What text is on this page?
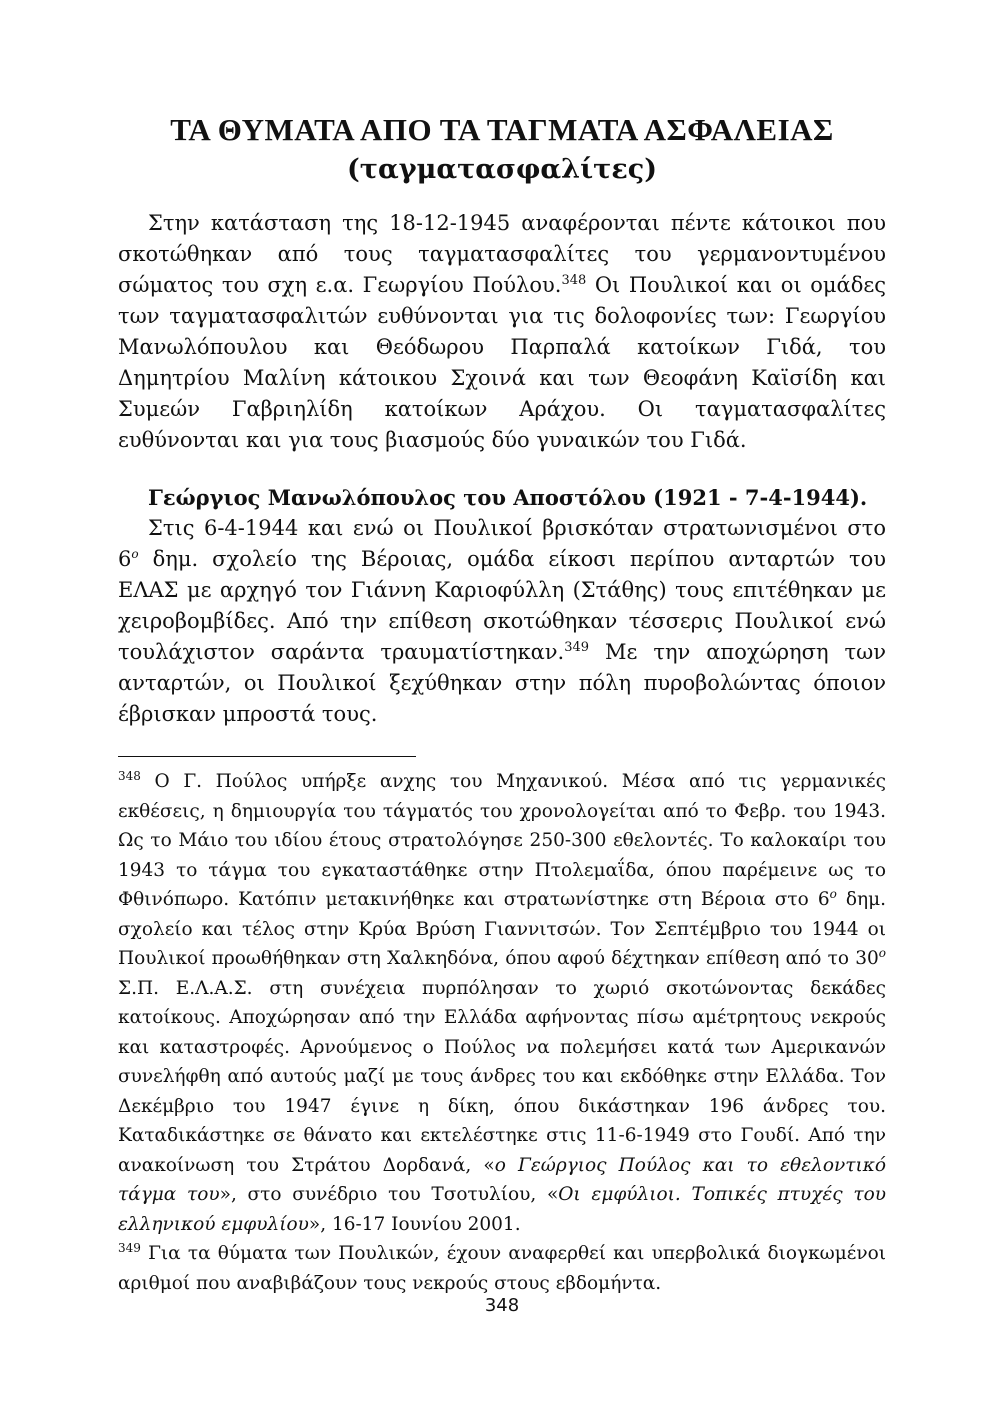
ΤΑ ΘΥΜΑΤΑ ΑΠΟ ΤΑ ΤΑΓΜΑΤΑ ΑΣΦΑΛΕΙΑΣ
(ταγματασφαλίτες)

Στην κατάσταση της 18-12-1945 αναφέρονται πέντε κάτοικοι που σκοτώθηκαν από τους ταγματασφαλίτες του γερμανοντυμένου σώματος του σχη ε.α. Γεωργίου Πούλου.$^{348}$ Οι Πουλικοί και οι ομάδες των ταγματασφαλιτών ευθύνονται για τις δολοφονίες των: Γεωργίου Μανωλόπουλου και Θεόδωρου Παρπαλά κατοίκων Γιδά, του Δημητρίου Μαλίνη κάτοικου Σχοινά και των Θεοφάνη Καϊσίδη και Συμεών Γαβριηλίδη κατοίκων Αράχου. Οι ταγματασφαλίτες ευθύνονται και για τους βιασμούς δύο γυναικών του Γιδά.

Γεώργιος Μανωλόπουλος του Αποστόλου (1921 - 7-4-1944).

Στις 6-4-1944 και ενώ οι Πουλικοί βρισκόταν στρατωνισμένοι στο $6^o$ δημ. σχολείο της Βέροιας, ομάδα είκοσι περίπου ανταρτών του ΕΛΑΣ με αρχηγό τον Γιάννη Καριοφύλλη (Στάθης) τους επιτέθηκαν με χειροβομβίδες. Από την επίθεση σκοτώθηκαν τέσσερις Πουλικοί ενώ τουλάχιστον σαράντα τραυματίστηκαν.$^{349}$ Με την αποχώρηση των ανταρτών, οι Πουλικοί ξεχύθηκαν στην πόλη πυροβολώντας όποιον έβρισκαν μπροστά τους.

$^{348}$ Ο Γ. Πούλος υπήρξε ανχης του Μηχανικού. Μέσα από τις γερμανικές εκθέσεις, η δημιουργία του τάγματός του χρονολογείται από το Φεβρ. του 1943. Ως το Μάιο του ιδίου έτους στρατολόγησε 250-300 εθελοντές. Το καλοκαίρι του 1943 το τάγμα του εγκαταστάθηκε στην Πτολεμαΐδα, όπου παρέμεινε ως το Φθινόπωρο. Κατόπιν μετακινήθηκε και στρατωνίστηκε στη Βέροια στο $6^o$ δημ. σχολείο και τέλος στην Κρύα Βρύση Γιαννιτσών. Τον Σεπτέμβριο του 1944 οι Πουλικοί προωθήθηκαν στη Χαλκηδόνα, όπου αφού δέχτηκαν επίθεση από το $30^o$ Σ.Π. Ε.Λ.Α.Σ. στη συνέχεια πυρπόλησαν το χωριό σκοτώνοντας δεκάδες κατοίκους. Αποχώρησαν από την Ελλάδα αφήνοντας πίσω αμέτρητους νεκρούς και καταστροφές. Αρνούμενος ο Πούλος να πολεμήσει κατά των Αμερικανών συνελήφθη από αυτούς μαζί με τους άνδρες του και εκδόθηκε στην Ελλάδα. Τον Δεκέμβριο του 1947 έγινε η δίκη, όπου δικάστηκαν 196 άνδρες του. Καταδικάστηκε σε θάνατο και εκτελέστηκε στις 11-6-1949 στο Γουδί. Από την ανακοίνωση του Στράτου Δορδανά, «ο Γεώργιος Πούλος και το εθελοντικό τάγμα του», στο συνέδριο του Τσοτυλίου, «Οι εμφύλιοι. Τοπικές πτυχές του ελληνικού εμφυλίου», 16-17 Ιουνίου 2001.

$^{349}$ Για τα θύματα των Πουλικών, έχουν αναφερθεί και υπερβολικά διογκωμένοι αριθμοί που αναβιβάζουν τους νεκρούς στους εβδομήντα.

348
